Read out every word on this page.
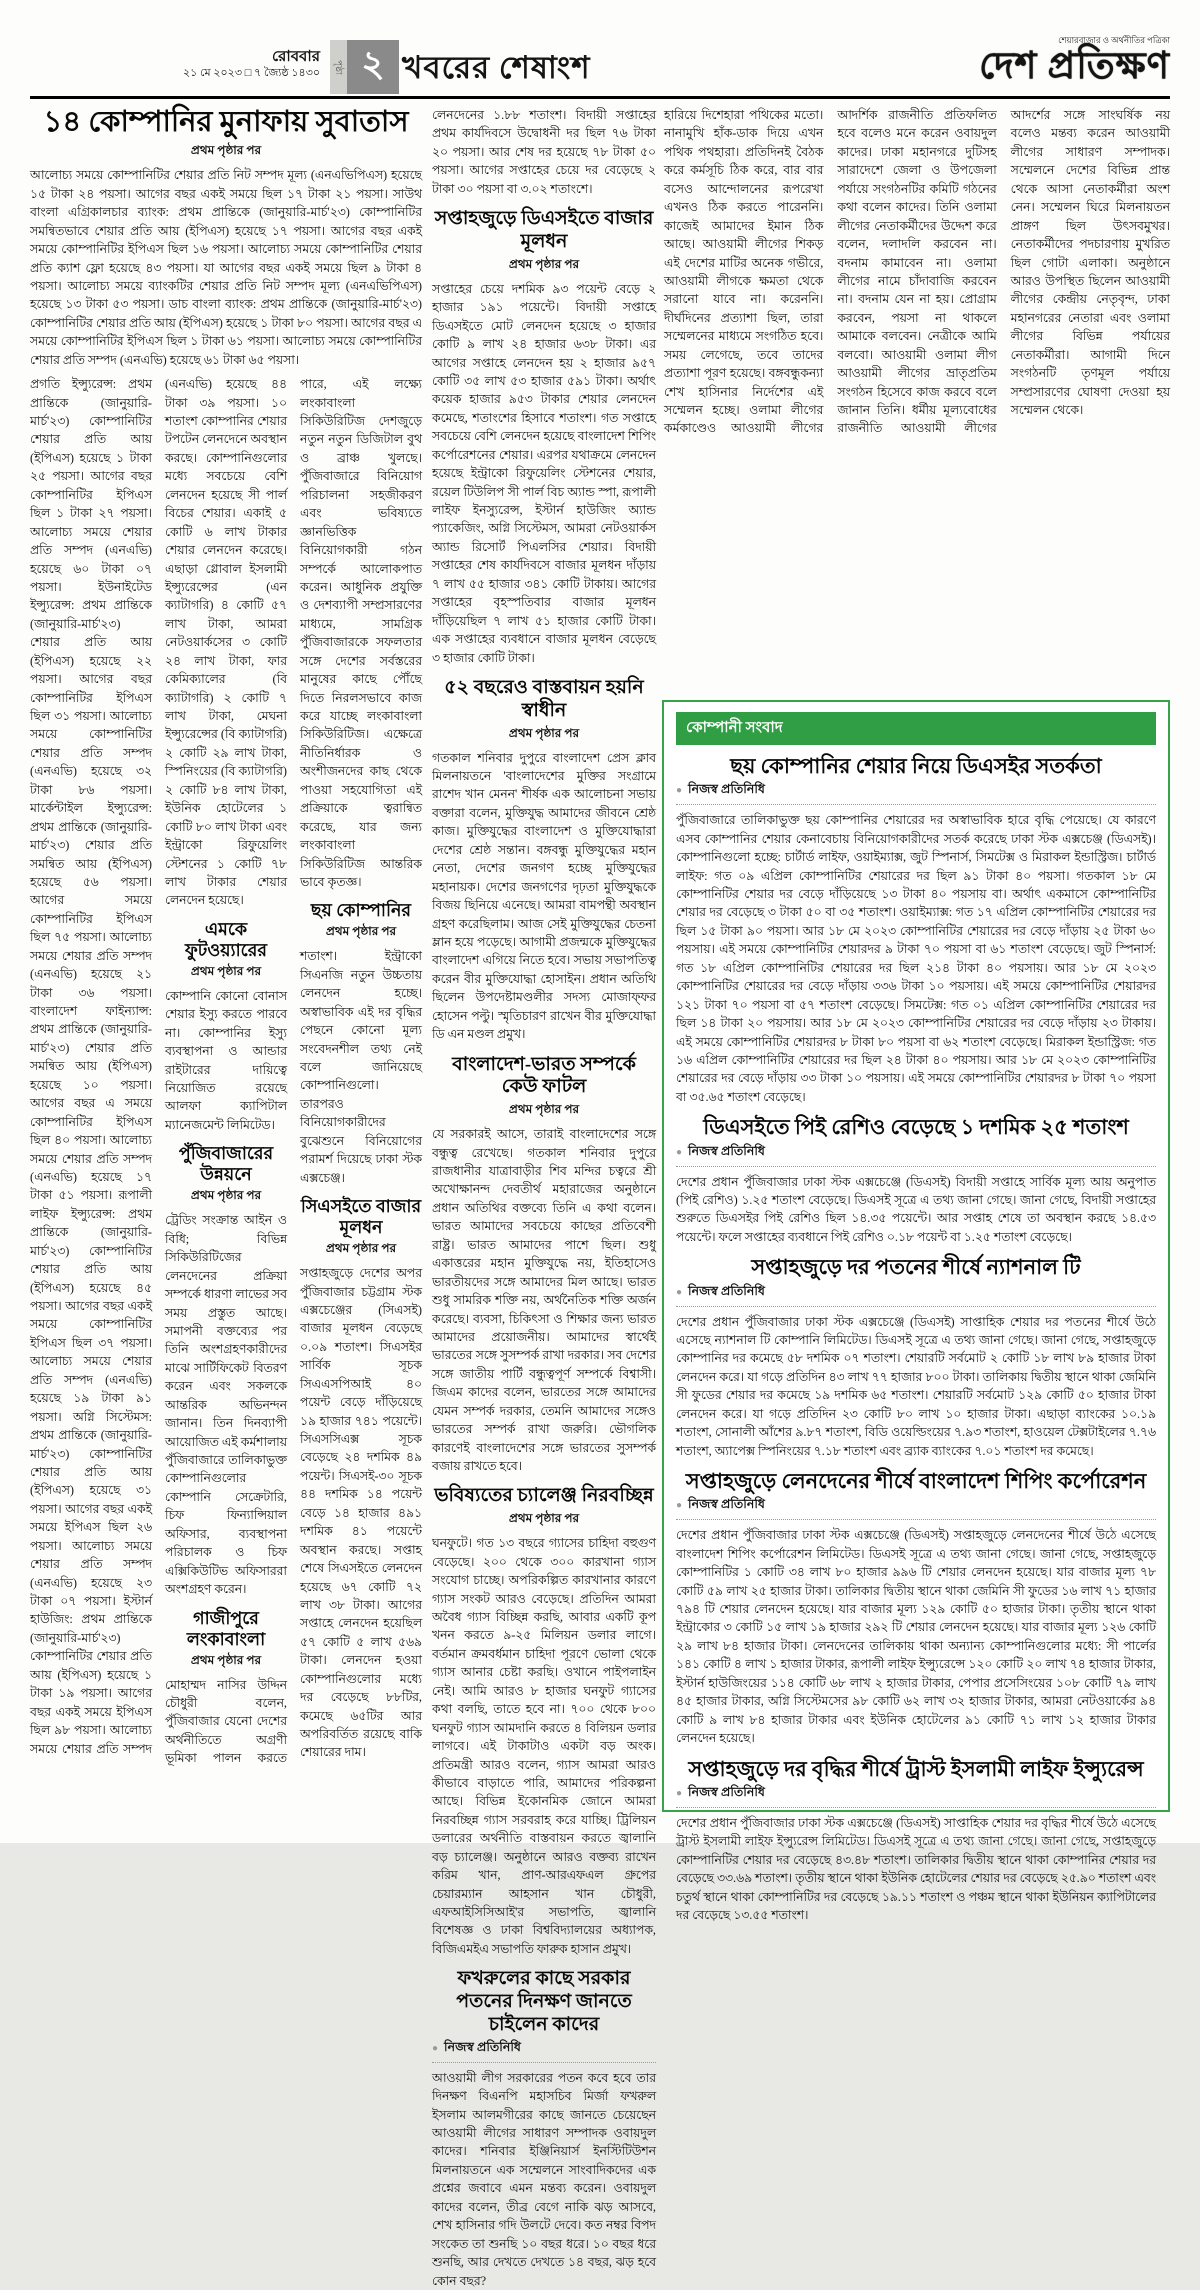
রোববার
২১ মে ২০২৩ □ ৭ জ্যৈষ্ঠ ১৪৩০	পৃষ্ঠা ২ খবরের শেষাংশ
শেয়ারবাজার ও অর্থনীতির পত্রিকা
দেশ প্রতিক্ষণ
১৪ কোম্পানির মুনাফায় সুবাতাস
প্রথম পৃষ্ঠার পর

আলোচ্য সময়ে কোম্পানিটির শেয়ার প্রতি নিট সম্পদ মূল্য (এনএভিপিএস) হয়েছে ১৫ টাকা ২৪ পয়সা। আগের বছর একই সময়ে ছিল ১৭ টাকা ২১ পয়সা। সাউথ বাংলা এগ্রিকালচার ব্যাংক: প্রথম প্রান্তিকে (জানুয়ারি-মার্চ'২৩) কোম্পানিটির সমন্বিতভাবে শেয়ার প্রতি আয় (ইপিএস) হয়েছে ১৭ পয়সা। আগের বছর একই সময়ে কোম্পানিটির ইপিএস ছিল ১৬ পয়সা। আলোচ্য সময়ে কোম্পানিটির শেয়ার প্রতি ক্যাশ ফ্লো হয়েছে ৪৩ পয়সা। যা আগের বছর একই সময়ে ছিল ৯ টাকা ৪ পয়সা। আলোচ্য সময়ে ব্যাংকটির শেয়ার প্রতি নিট সম্পদ মূল্য (এনএভিপিএস) হয়েছে ১৩ টাকা ৫৩ পয়সা। ডাচ বাংলা ব্যাংক: প্রথম প্রান্তিকে (জানুয়ারি-মার্চ'২৩) কোম্পানিটির শেয়ার প্রতি আয় (ইপিএস) হয়েছে ১ টাকা ৮০ পয়সা। আগের বছর এ সময়ে কোম্পানিটির ইপিএস ছিল ১ টাকা ৬১ পয়সা। আলোচ্য সময়ে কোম্পানিটির শেয়ার প্রতি সম্পদ (এনএভি) হয়েছে ৬১ টাকা ৬৫ পয়সা।

প্রগতি ইন্স্যুরেন্স: প্রথম প্রান্তিকে (জানুয়ারি-মার্চ'২৩) কোম্পানিটির শেয়ার প্রতি আয় (ইপিএস) হয়েছে ১ টাকা ২৫ পয়সা। আগের বছর কোম্পানিটির ইপিএস ছিল ১ টাকা ২৭ পয়সা। আলোচ্য সময়ে শেয়ার প্রতি সম্পদ (এনএভি) হয়েছে ৬০ টাকা ০৭ পয়সা। ইউনাইটেড ইন্স্যুরেন্স: প্রথম প্রান্তিকে (জানুয়ারি-মার্চ'২৩) শেয়ার প্রতি আয় (ইপিএস) হয়েছে ২২ পয়সা। আগের বছর কোম্পানিটির ইপিএস ছিল ৩১ পয়সা। আলোচ্য সময়ে কোম্পানিটির শেয়ার প্রতি সম্পদ (এনএভি) হয়েছে ৩২ টাকা ৮৬ পয়সা। মার্কেন্টাইল ইন্স্যুরেন্স: প্রথম প্রান্তিকে (জানুয়ারি-মার্চ'২৩) শেয়ার প্রতি সমন্বিত আয় (ইপিএস) হয়েছে ৫৬ পয়সা। আগের সময়ে কোম্পানিটির ইপিএস ছিল ৭৫ পয়সা। আলোচ্য সময়ে শেয়ার প্রতি সম্পদ (এনএভি) হয়েছে ২১ টাকা ৩৬ পয়সা। বাংলাদেশ ফাইন্যান্স: প্রথম প্রান্তিকে (জানুয়ারি-মার্চ'২৩) শেয়ার প্রতি সমন্বিত আয় (ইপিএস) হয়েছে ১০ পয়সা। আগের বছর এ সময়ে কোম্পানিটির ইপিএস ছিল ৪০ পয়সা। আলোচ্য সময়ে শেয়ার প্রতি সম্পদ (এনএভি) হয়েছে ১৭ টাকা ৫১ পয়সা। রূপালী লাইফ ইন্স্যুরেন্স: প্রথম প্রান্তিকে (জানুয়ারি-মার্চ'২৩) কোম্পানিটির শেয়ার প্রতি আয় (ইপিএস) হয়েছে ৪৫ পয়সা। আগের বছর একই সময়ে কোম্পানিটির ইপিএস ছিল ৩৭ পয়সা। আলোচ্য সময়ে শেয়ার প্রতি সম্পদ (এনএভি) হয়েছে ১৯ টাকা ৯১ পয়সা। অগ্নি সিস্টেমস: প্রথম প্রান্তিকে (জানুয়ারি-মার্চ'২৩) কোম্পানিটির শেয়ার প্রতি আয় (ইপিএস) হয়েছে ৩১ পয়সা। আগের বছর একই সময়ে ইপিএস ছিল ২৬ পয়সা। আলোচ্য সময়ে শেয়ার প্রতি সম্পদ (এনএভি) হয়েছে ২৩ টাকা ০৭ পয়সা। ইস্টার্ন হাউজিং: প্রথম প্রান্তিকে (জানুয়ারি-মার্চ'২৩) কোম্পানিটির শেয়ার প্রতি আয় (ইপিএস) হয়েছে ১ টাকা ১৯ পয়সা। আগের বছর একই সময়ে ইপিএস ছিল ৯৮ পয়সা। আলোচ্য সময়ে শেয়ার প্রতি সম্পদ (এনএভি) হয়েছে ৪৪ টাকা ৩৯ পয়সা। ১০ শতাংশ কোম্পানির শেয়ার টপটেন লেনদেনে অবস্থান করছে। কোম্পানিগুলোর মধ্যে সবচেয়ে বেশি লেনদেন হয়েছে সী পার্ল বিচের শেয়ার। একাই ৫ কোটি ৬ লাখ টাকার শেয়ার লেনদেন করেছে। এছাড়া গ্লোবাল ইসলামী ইন্স্যুরেন্সের (এন ক্যাটাগরি) ৪ কোটি ৫৭ লাখ টাকা, আমরা নেটওয়ার্কসের ৩ কোটি ২৪ লাখ টাকা, ফার কেমিক্যালের (বি ক্যাটাগরি) ২ কোটি ৭ লাখ টাকা, মেঘনা ইন্স্যুরেন্সের (বি ক্যাটাগরি) ২ কোটি ২৯ লাখ টাকা, স্পিনিংয়ের (বি ক্যাটাগরি) ২ কোটি ৮৪ লাখ টাকা, ইউনিক হোটেলের ১ কোটি ৮০ লাখ টাকা এবং ইন্ট্রাকো রিফুয়েলিং স্টেশনের ১ কোটি ৭৮ লাখ টাকার শেয়ার লেনদেন হয়েছে।

এমকে ফুটওয়্যারের
প্রথম পৃষ্ঠার পর

কোম্পানি কোনো বোনাস শেয়ার ইস্যু করতে পারবে না। কোম্পানির ইস্যু ব্যবস্থাপনা ও আন্ডার রাইটারের দায়িত্বে নিয়োজিত রয়েছে আলফা ক্যাপিটাল ম্যানেজমেন্ট লিমিটেড।

পুঁজিবাজারের উন্নয়নে
প্রথম পৃষ্ঠার পর

ট্রেডিং সংক্রান্ত আইন ও বিধি; বিভিন্ন সিকিউরিটিজের লেনদেনের প্রক্রিয়া সম্পর্কে ধারণা লাভের সব সময় প্রস্তুত আছে। সমাপনী বক্তব্যের পর তিনি অংশগ্রহণকারীদের মাঝে সার্টিফিকেট বিতরণ করেন এবং সকলকে আন্তরিক অভিনন্দন জানান। তিন দিনব্যাপী আয়োজিত এই কর্মশালায় পুঁজিবাজারে তালিকাভুক্ত কোম্পানিগুলোর কোম্পানি সেক্রেটারি, চিফ ফিন্যান্সিয়াল অফিসার, ব্যবস্থাপনা পরিচালক ও চিফ এক্সিকিউটিভ অফিসাররা অংশগ্রহণ করেন।

গাজীপুরে লংকাবাংলা
প্রথম পৃষ্ঠার পর

মোহাম্মদ নাসির উদ্দিন চৌধুরী বলেন, পুঁজিবাজার যেনো দেশের অর্থনীতিতে অগ্রণী ভূমিকা পালন করতে পারে, এই লক্ষ্যে লংকাবাংলা সিকিউরিটিজ দেশজুড়ে নতুন নতুন ডিজিটাল বুথ ও ব্রাঞ্চ খুলছে। পুঁজিবাজারে বিনিয়োগ পরিচালনা সহজীকরণ এবং ভবিষ্যতে জ্ঞানভিত্তিক বিনিয়োগকারী গঠন সম্পর্কে আলোকপাত করেন। আধুনিক প্রযুক্তি ও দেশব্যাপী সম্প্রসারণের মাধ্যমে, সামগ্রিক পুঁজিবাজারকে সফলতার সঙ্গে দেশের সর্বস্তরের মানুষের কাছে পৌঁছে দিতে নিরলসভাবে কাজ করে যাচ্ছে লংকাবাংলা সিকিউরিটিজ। এক্ষেত্রে নীতিনির্ধারক ও অংশীজনদের কাছ থেকে পাওয়া সহযোগিতা এই প্রক্রিয়াকে ত্বরান্বিত করেছে, যার জন্য লংকাবাংলা সিকিউরিটিজ আন্তরিক ভাবে কৃতজ্ঞ।

ছয় কোম্পানির
প্রথম পৃষ্ঠার পর

শতাংশ। ইন্ট্রাকো সিএনজি নতুন উচ্চতায় লেনদেন হচ্ছে। অস্বাভাবিক এই দর বৃদ্ধির পেছনে কোনো মূল্য সংবেদনশীল তথ্য নেই বলে জানিয়েছে কোম্পানিগুলো। তারপরও বিনিয়োগকারীদের বুঝেশুনে বিনিয়োগের পরামর্শ দিয়েছে ঢাকা স্টক এক্সচেঞ্জ।

সিএসইতে বাজার মূলধন
প্রথম পৃষ্ঠার পর

সপ্তাহজুড়ে দেশের অপর পুঁজিবাজার চট্টগ্রাম স্টক এক্সচেঞ্জের (সিএসই) বাজার মূলধন বেড়েছে ০.০৯ শতাংশ। সিএসইর সার্বিক সূচক সিএএসপিআই ৪০ পয়েন্ট বেড়ে দাঁড়িয়েছে ১৯ হাজার ৭৪১ পয়েন্টে। সিএসসিএক্স সূচক বেড়েছে ২৪ দশমিক ৪৯ পয়েন্ট। সিএসই-৩০ সূচক ৪৪ দশমিক ১৪ পয়েন্ট বেড়ে ১৪ হাজার ৪৯১ দশমিক ৪১ পয়েন্টে অবস্থান করছে। সপ্তাহ শেষে সিএসইতে লেনদেন হয়েছে ৬৭ কোটি ৭২ লাখ ৩৮ টাকা। আগের সপ্তাহে লেনদেন হয়েছিল ৫৭ কোটি ৫ লাখ ৫৬৯ টাকা। লেনদেন হওয়া কোম্পানিগুলোর মধ্যে দর বেড়েছে ৮৮টির, কমেছে ৬৫টির আর অপরিবর্তিত রয়েছে বাকি শেয়ারের দাম।

লেনদেনের ১.৮৮ শতাংশ। বিদায়ী সপ্তাহের প্রথম কার্যদিবসে উদ্বোধনী দর ছিল ৭৬ টাকা ২০ পয়সা। আর শেষ দর হয়েছে ৭৮ টাকা ৫০ পয়সা। আগের সপ্তাহের চেয়ে দর বেড়েছে ২ টাকা ৩০ পয়সা বা ৩.০২ শতাংশে।

সপ্তাহজুড়ে ডিএসইতে বাজার মূলধন
প্রথম পৃষ্ঠার পর

সপ্তাহের চেয়ে দশমিক ৯৩ পয়েন্ট বেড়ে ২ হাজার ১৯১ পয়েন্টে। বিদায়ী সপ্তাহে ডিএসইতে মোট লেনদেন হয়েছে ৩ হাজার কোটি ৯ লাখ ২৪ হাজার ৬৩৮ টাকা। এর আগের সপ্তাহে লেনদেন হয় ২ হাজার ৯৫৭ কোটি ৩৫ লাখ ৫৩ হাজার ৫৯১ টাকা। অর্থাৎ কয়েক হাজার ৯৫৩ টাকার শেয়ার লেনদেন কমেছে, শতাংশের হিসাবে শতাংশ। গত সপ্তাহে সবচেয়ে বেশি লেনদেন হয়েছে বাংলাদেশ শিপিং কর্পোরেশনের শেয়ার। এরপর যথাক্রমে লেনদেন হয়েছে ইন্ট্রাকো রিফুয়েলিং স্টেশনের শেয়ার, রয়েল টিউলিপ সী পার্ল বিচ অ্যান্ড স্পা, রূপালী লাইফ ইনস্যুরেন্স, ইস্টার্ন হাউজিং অ্যান্ড প্যাকেজিং, অগ্নি সিস্টেমস, আমরা নেটওয়ার্কস অ্যান্ড রিসোর্ট পিএলসির শেয়ার। বিদায়ী সপ্তাহের শেষ কার্যদিবসে বাজার মূলধন দাঁড়ায় ৭ লাখ ৫৫ হাজার ৩৪১ কোটি টাকায়। আগের সপ্তাহের বৃহস্পতিবার বাজার মূলধন দাঁড়িয়েছিল ৭ লাখ ৫১ হাজার কোটি টাকা। এক সপ্তাহের ব্যবধানে বাজার মূলধন বেড়েছে ৩ হাজার কোটি টাকা।

৫২ বছরেও বাস্তবায়ন হয়নি স্বাধীন
প্রথম পৃষ্ঠার পর

গতকাল শনিবার দুপুরে বাংলাদেশ প্রেস ক্লাব মিলনায়তনে 'বাংলাদেশের মুক্তির সংগ্রামে রাশেদ খান মেনন' শীর্ষক এক আলোচনা সভায় বক্তারা বলেন, মুক্তিযুদ্ধ আমাদের জীবনে শ্রেষ্ঠ কাজ। মুক্তিযুদ্ধের বাংলাদেশ ও মুক্তিযোদ্ধারা দেশের শ্রেষ্ঠ সন্তান। বঙ্গবন্ধু মুক্তিযুদ্ধের মহান নেতা, দেশের জনগণ হচ্ছে মুক্তিযুদ্ধের মহানায়ক। দেশের জনগণের দৃঢ়তা মুক্তিযুদ্ধকে বিজয় ছিনিয়ে এনেছে। আমরা বামপন্থী অবস্থান গ্রহণ করেছিলাম। আজ সেই মুক্তিযুদ্ধের চেতনা ম্লান হয়ে পড়েছে। আগামী প্রজন্মকে মুক্তিযুদ্ধের বাংলাদেশ এগিয়ে নিতে হবে। সভায় সভাপতিত্ব করেন বীর মুক্তিযোদ্ধা হোসাইন। প্রধান অতিথি ছিলেন উপদেষ্টামণ্ডলীর সদস্য মোজাফ্ফর হোসেন পল্টু। স্মৃতিচারণ রাখেন বীর মুক্তিযোদ্ধা ডি এন মণ্ডল প্রমুখ।

বাংলাদেশ-ভারত সম্পর্কে কেউ ফাটল
প্রথম পৃষ্ঠার পর

যে সরকারই আসে, তারাই বাংলাদেশের সঙ্গে বন্ধুত্ব রেখেছে। গতকাল শনিবার দুপুরে রাজধানীর যাত্রাবাড়ীর শিব মন্দির চত্বরে শ্রী অখোক্ষানন্দ দেবতীর্থ মহারাজের অনুষ্ঠানে প্রধান অতিথির বক্তব্যে তিনি এ কথা বলেন। ভারত আমাদের সবচেয়ে কাছের প্রতিবেশী রাষ্ট্র। ভারত আমাদের পাশে ছিল। শুধু একাত্তরের মহান মুক্তিযুদ্ধে নয়, ইতিহাসেও ভারতীয়দের সঙ্গে আমাদের মিল আছে। ভারত শুধু সামরিক শক্তি নয়, অর্থনৈতিক শক্তি অর্জন করেছে। ব্যবসা, চিকিৎসা ও শিক্ষার জন্য ভারত আমাদের প্রয়োজনীয়। আমাদের স্বার্থেই ভারতের সঙ্গে সুসম্পর্ক রাখা দরকার। সব দেশের সঙ্গে জাতীয় পার্টি বন্ধুত্বপূর্ণ সম্পর্কে বিশ্বাসী। জিএম কাদের বলেন, ভারতের সঙ্গে আমাদের যেমন সম্পর্ক দরকার, তেমনি আমাদের সঙ্গেও ভারতের সম্পর্ক রাখা জরুরি। ভৌগলিক কারণেই বাংলাদেশের সঙ্গে ভারতের সুসম্পর্ক বজায় রাখতে হবে।

ভবিষ্যতের চ্যালেঞ্জ নিরবচ্ছিন্ন
প্রথম পৃষ্ঠার পর

ঘনফুটে। গত ১৩ বছরে গ্যাসের চাহিদা বহুগুণ বেড়েছে। ২০০ থেকে ৩০০ কারখানা গ্যাস সংযোগ চাচ্ছে। অপরিকল্পিত কারখানার কারণে গ্যাস সংকট আরও বেড়েছে। প্রতিদিন আমরা অবৈধ গ্যাস বিচ্ছিন্ন করছি, আবার একটি কূপ খনন করতে ৯-২৫ মিলিয়ন ডলার লাগে। বর্তমান ক্রমবর্ধমান চাহিদা পূরণে ভোলা থেকে গ্যাস আনার চেষ্টা করছি। ওখানে পাইপলাইন নেই। আমি আরও ৮ হাজার ঘনফুট গ্যাসের কথা বলছি, তাতে হবে না। ৭০০ থেকে ৮০০ ঘনফুট গ্যাস আমদানি করতে ৪ বিলিয়ন ডলার লাগবে। এই টাকাটাও একটা বড় অংক। প্রতিমন্ত্রী আরও বলেন, গ্যাস আমরা আরও কীভাবে বাড়াতে পারি, আমাদের পরিকল্পনা আছে। বিভিন্ন ইকোনমিক জোনে আমরা নিরবচ্ছিন্ন গ্যাস সরবরাহ করে যাচ্ছি। ট্রিলিয়ন ডলারের অর্থনীতি বাস্তবায়ন করতে জ্বালানি বড় চ্যালেঞ্জ। অনুষ্ঠানে আরও বক্তব্য রাখেন করিম খান, প্রাণ-আরএফএল গ্রুপের চেয়ারম্যান আহসান খান চৌধুরী, এফআইসিসিআই'র সভাপতি, জ্বালানি বিশেষজ্ঞ ও ঢাকা বিশ্ববিদ্যালয়ের অধ্যাপক, বিজিএমইএ সভাপতি ফারুক হাসান প্রমুখ।

ফখরুলের কাছে সরকার পতনের দিনক্ষণ জানতে চাইলেন কাদের
● নিজস্ব প্রতিনিধি

আওয়ামী লীগ সরকারের পতন কবে হবে তার দিনক্ষণ বিএনপি মহাসচিব মির্জা ফখরুল ইসলাম আলমগীরের কাছে জানতে চেয়েছেন আওয়ামী লীগের সাধারণ সম্পাদক ওবায়দুল কাদের। শনিবার ইঞ্জিনিয়ার্স ইনস্টিটিউশন মিলনায়তনে এক সম্মেলনে সাংবাদিকদের এক প্রশ্নের জবাবে এমন মন্তব্য করেন। ওবায়দুল কাদের বলেন, তীব্র বেগে নাকি ঝড় আসবে, শেখ হাসিনার গদি উলটে দেবে। কত নম্বর বিপদ সংকেত তা শুনছি ১০ বছর ধরে। ১০ বছর ধরে শুনছি, আর দেখতে দেখতে ১৪ বছর, ঝড় হবে কোন বছর?

হারিয়ে দিশেহারা পথিকের মতো। নানামুখি হাঁক-ডাক দিয়ে এখন পথিক পথহারা। প্রতিদিনই বৈঠক করে কর্মসূচি ঠিক করে, বার বার বসেও আন্দোলনের রূপরেখা এখনও ঠিক করতে পারেননি। কাজেই আমাদের ইমান ঠিক আছে। আওয়ামী লীগের শিকড় এই দেশের মাটির অনেক গভীরে, আওয়ামী লীগকে ক্ষমতা থেকে সরানো যাবে না। করেননি। দীর্ঘদিনের প্রত্যাশা ছিল, তারা সম্মেলনের মাধ্যমে সংগঠিত হবে। সময় লেগেছে, তবে তাদের প্রত্যাশা পূরণ হয়েছে। বঙ্গবন্ধুকন্যা শেখ হাসিনার নির্দেশের এই সম্মেলন হচ্ছে। ওলামা লীগের কর্মকাণ্ডেও আওয়ামী লীগের আদর্শিক রাজনীতি প্রতিফলিত হবে বলেও মনে করেন ওবায়দুল কাদের। ঢাকা মহানগরে দুটিসহ সারাদেশে জেলা ও উপজেলা পর্যায়ে সংগঠনটির কমিটি গঠনের কথা বলেন কাদের। তিনি ওলামা লীগের নেতাকর্মীদের উদ্দেশ করে বলেন, দলাদলি করবেন না। বদনাম কামাবেন না। ওলামা লীগের নামে চাঁদাবাজি করবেন না। বদনাম যেন না হয়। প্রোগ্রাম করবেন, পয়সা না থাকলে আমাকে বলবেন। নেত্রীকে আমি বলবো। আওয়ামী ওলামা লীগ আওয়ামী লীগের ভ্রাতৃপ্রতিম সংগঠন হিসেবে কাজ করবে বলে জানান তিনি। ধর্মীয় মূল্যবোধের রাজনীতি আওয়ামী লীগের আদর্শের সঙ্গে সাংঘর্ষিক নয় বলেও মন্তব্য করেন আওয়ামী লীগের সাধারণ সম্পাদক। সম্মেলনে দেশের বিভিন্ন প্রান্ত থেকে আসা নেতাকর্মীরা অংশ নেন। সম্মেলন ঘিরে মিলনায়তন প্রাঙ্গণ ছিল উৎসবমুখর। নেতাকর্মীদের পদচারণায় মুখরিত ছিল গোটা এলাকা। অনুষ্ঠানে আরও উপস্থিত ছিলেন আওয়ামী লীগের কেন্দ্রীয় নেতৃবৃন্দ, ঢাকা মহানগরের নেতারা এবং ওলামা লীগের বিভিন্ন পর্যায়ের নেতাকর্মীরা। আগামী দিনে সংগঠনটি তৃণমূল পর্যায়ে সম্প্রসারণের ঘোষণা দেওয়া হয় সম্মেলন থেকে।

কোম্পানী সংবাদ
ছয় কোম্পানির শেয়ার নিয়ে ডিএসইর সতর্কতা
● নিজস্ব প্রতিনিধি

পুঁজিবাজারে তালিকাভুক্ত ছয় কোম্পানির শেয়ারের দর অস্বাভাবিক হারে বৃদ্ধি পেয়েছে। যে কারণে এসব কোম্পানির শেয়ার কেনাবেচায় বিনিয়োগকারীদের সতর্ক করেছে ঢাকা স্টক এক্সচেঞ্জ (ডিএসই)। কোম্পানিগুলো হচ্ছে: চার্টার্ড লাইফ, ওয়াইম্যাক্স, জুট স্পিনার্স, সিমটেক্স ও মিরাকল ইন্ডাস্ট্রিজ। চার্টার্ড লাইফ: গত ০৯ এপ্রিল কোম্পানিটির শেয়ারের দর ছিল ৯১ টাকা ৪০ পয়সা। গতকাল ১৮ মে কোম্পানিটির শেয়ার দর বেড়ে দাঁড়িয়েছে ১৩ টাকা ৪০ পয়সায় বা। অর্থাৎ একমাসে কোম্পানিটির শেয়ার দর বেড়েছে ৩ টাকা ৫০ বা ৩৫ শতাংশ। ওয়াইম্যাক্স: গত ১৭ এপ্রিল কোম্পানিটির শেয়ারের দর ছিল ১৫ টাকা ৯০ পয়সা। আর ১৮ মে ২০২৩ কোম্পানিটির শেয়ারের দর বেড়ে দাঁড়ায় ২৫ টাকা ৬০ পয়সায়। এই সময়ে কোম্পানিটির শেয়ারদর ৯ টাকা ৭০ পয়সা বা ৬১ শতাংশ বেড়েছে। জুট স্পিনার্স: গত ১৮ এপ্রিল কোম্পানিটির শেয়ারের দর ছিল ২১৪ টাকা ৪০ পয়সায়। আর ১৮ মে ২০২৩ কোম্পানিটির শেয়ারের দর বেড়ে দাঁড়ায় ৩৩৬ টাকা ১০ পয়সায়। এই সময়ে কোম্পানিটির শেয়ারদর ১২১ টাকা ৭০ পয়সা বা ৫৭ শতাংশ বেড়েছে। সিমটেক্স: গত ০১ এপ্রিল কোম্পানিটির শেয়ারের দর ছিল ১৪ টাকা ২০ পয়সায়। আর ১৮ মে ২০২৩ কোম্পানিটির শেয়ারের দর বেড়ে দাঁড়ায় ২৩ টাকায়। এই সময়ে কোম্পানিটির শেয়ারদর ৮ টাকা ৮০ পয়সা বা ৬২ শতাংশ বেড়েছে। মিরাকল ইন্ডাস্ট্রিজ: গত ১৬ এপ্রিল কোম্পানিটির শেয়ারের দর ছিল ২৪ টাকা ৪০ পয়সায়। আর ১৮ মে ২০২৩ কোম্পানিটির শেয়ারের দর বেড়ে দাঁড়ায় ৩৩ টাকা ১০ পয়সায়। এই সময়ে কোম্পানিটির শেয়ারদর ৮ টাকা ৭০ পয়সা বা ৩৫.৬৫ শতাংশ বেড়েছে।

ডিএসইতে পিই রেশিও বেড়েছে ১ দশমিক ২৫ শতাংশ
● নিজস্ব প্রতিনিধি

দেশের প্রধান পুঁজিবাজার ঢাকা স্টক এক্সচেঞ্জে (ডিএসই) বিদায়ী সপ্তাহে সার্বিক মূল্য আয় অনুপাত (পিই রেশিও) ১.২৫ শতাংশ বেড়েছে। ডিএসই সূত্রে এ তথ্য জানা গেছে। জানা গেছে, বিদায়ী সপ্তাহের শুরুতে ডিএসইর পিই রেশিও ছিল ১৪.৩৫ পয়েন্টে। আর সপ্তাহ শেষে তা অবস্থান করছে ১৪.৫৩ পয়েন্টে। ফলে সপ্তাহের ব্যবধানে পিই রেশিও ০.১৮ পয়েন্ট বা ১.২৫ শতাংশ বেড়েছে।

সপ্তাহজুড়ে দর পতনের শীর্ষে ন্যাশনাল টি
● নিজস্ব প্রতিনিধি

দেশের প্রধান পুঁজিবাজার ঢাকা স্টক এক্সচেঞ্জে (ডিএসই) সাপ্তাহিক শেয়ার দর পতনের শীর্ষে উঠে এসেছে ন্যাশনাল টি কোম্পানি লিমিটেড। ডিএসই সূত্রে এ তথ্য জানা গেছে। জানা গেছে, সপ্তাহজুড়ে কোম্পানির দর কমেছে ৫৮ দশমিক ০৭ শতাংশ। শেয়ারটি সর্বমোট ২ কোটি ১৮ লাখ ৮৯ হাজার টাকা লেনদেন করে। যা গড়ে প্রতিদিন ৪৩ লাখ ৭৭ হাজার ৮০০ টাকা। তালিকায় দ্বিতীয় স্থানে থাকা জেমিনি সী ফুডের শেয়ার দর কমেছে ১৯ দশমিক ৬৫ শতাংশ। শেয়ারটি সর্বমোট ১২৯ কোটি ৫০ হাজার টাকা লেনদেন করে। যা গড়ে প্রতিদিন ২৩ কোটি ৮০ লাখ ১০ হাজার টাকা। এছাড়া ব্যাংকের ১০.১৯ শতাংশ, সোনালী আঁশের ৯.৮৭ শতাংশ, বিডি ওয়েল্ডিংয়ের ৭.৯৩ শতাংশ, হাওয়েল টেক্সটাইলের ৭.৭৬ শতাংশ, অ্যাপেক্স স্পিনিংয়ের ৭.১৮ শতাংশ এবং ব্র্যাক ব্যাংকের ৭.০১ শতাংশ দর কমেছে।

সপ্তাহজুড়ে লেনদেনের শীর্ষে বাংলাদেশ শিপিং কর্পোরেশন
● নিজস্ব প্রতিনিধি

দেশের প্রধান পুঁজিবাজার ঢাকা স্টক এক্সচেঞ্জে (ডিএসই) সপ্তাহজুড়ে লেনদেনের শীর্ষে উঠে এসেছে বাংলাদেশ শিপিং কর্পোরেশন লিমিটেড। ডিএসই সূত্রে এ তথ্য জানা গেছে। জানা গেছে, সপ্তাহজুড়ে কোম্পানিটির ১ কোটি ৩৪ লাখ ৮০ হাজার ৯৯৬ টি শেয়ার লেনদেন হয়েছে। যার বাজার মূল্য ৭৮ কোটি ৫৯ লাখ ২৫ হাজার টাকা। তালিকার দ্বিতীয় স্থানে থাকা জেমিনি সী ফুডের ১৬ লাখ ৭১ হাজার ৭৯৪ টি শেয়ার লেনদেন হয়েছে। যার বাজার মূল্য ১২৯ কোটি ৫০ হাজার টাকা। তৃতীয় স্থানে থাকা ইন্ট্রাকোর ৩ কোটি ১৫ লাখ ১৯ হাজার ২৯২ টি শেয়ার লেনদেন হয়েছে। যার বাজার মূল্য ১২৬ কোটি ২৯ লাখ ৮৪ হাজার টাকা। লেনদেনের তালিকায় থাকা অন্যান্য কোম্পানিগুলোর মধ্যে: সী পার্লের ১৪১ কোটি ৪ লাখ ১ হাজার টাকার, রূপালী লাইফ ইন্স্যুরেন্সে ১২০ কোটি ২০ লাখ ৭৪ হাজার টাকার, ইস্টার্ন হাউজিংয়ের ১১৪ কোটি ৬৮ লাখ ২ হাজার টাকার, পেপার প্রসেসিংয়ের ১০৮ কোটি ৭৯ লাখ ৪৫ হাজার টাকার, অগ্নি সিস্টেমসের ৯৮ কোটি ৬২ লাখ ৩২ হাজার টাকার, আমরা নেটওয়ার্কের ৯৪ কোটি ৯ লাখ ৮৪ হাজার টাকার এবং ইউনিক হোটেলের ৯১ কোটি ৭১ লাখ ১২ হাজার টাকার লেনদেন হয়েছে।

সপ্তাহজুড়ে দর বৃদ্ধির শীর্ষে ট্রাস্ট ইসলামী লাইফ ইন্স্যুরেন্স
● নিজস্ব প্রতিনিধি

দেশের প্রধান পুঁজিবাজার ঢাকা স্টক এক্সচেঞ্জে (ডিএসই) সাপ্তাহিক শেয়ার দর বৃদ্ধির শীর্ষে উঠে এসেছে ট্রাস্ট ইসলামী লাইফ ইন্স্যুরেন্স লিমিটেড। ডিএসই সূত্রে এ তথ্য জানা গেছে। জানা গেছে, সপ্তাহজুড়ে কোম্পানিটির শেয়ার দর বেড়েছে ৪৩.৪৮ শতাংশ। তালিকার দ্বিতীয় স্থানে থাকা কোম্পানির শেয়ার দর বেড়েছে ৩৩.৬৯ শতাংশ। তৃতীয় স্থানে থাকা ইউনিক হোটেলের শেয়ার দর বেড়েছে ২৫.৯০ শতাংশ এবং চতুর্থ স্থানে থাকা কোম্পানিটির দর বেড়েছে ১৯.১১ শতাংশ ও পঞ্চম স্থানে থাকা ইউনিয়ন ক্যাপিটালের দর বেড়েছে ১৩.৫৫ শতাংশ।
